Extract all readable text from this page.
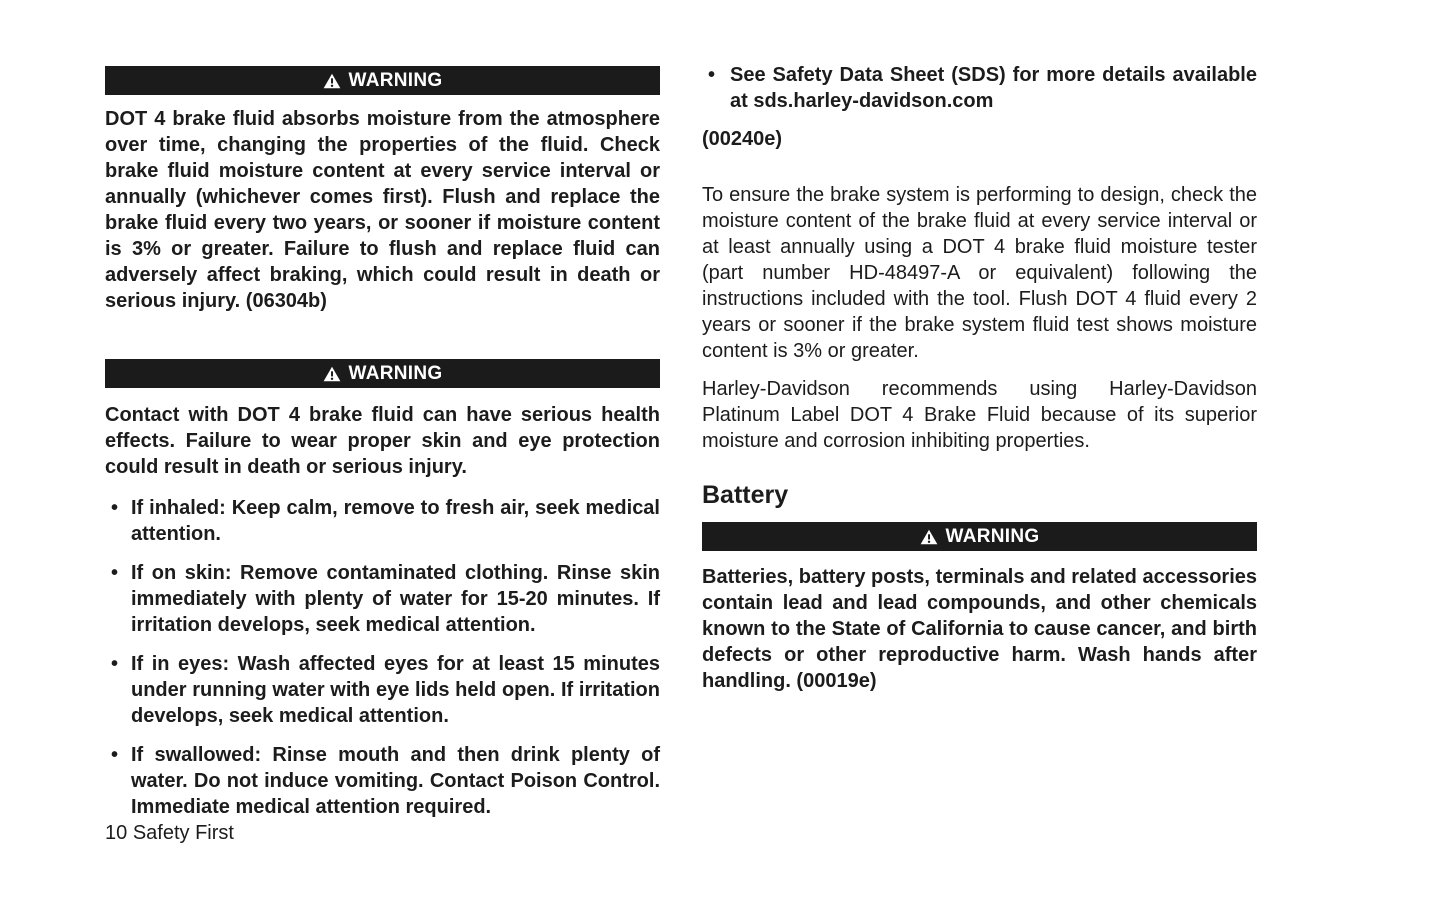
WARNING
DOT 4 brake fluid absorbs moisture from the atmosphere over time, changing the properties of the fluid. Check brake fluid moisture content at every service interval or annually (whichever comes first). Flush and replace the brake fluid every two years, or sooner if moisture content is 3% or greater. Failure to flush and replace fluid can adversely affect braking, which could result in death or serious injury. (06304b)
WARNING
Contact with DOT 4 brake fluid can have serious health effects. Failure to wear proper skin and eye protection could result in death or serious injury.
•
If inhaled: Keep calm, remove to fresh air, seek medical attention.
•
If on skin: Remove contaminated clothing. Rinse skin immediately with plenty of water for 15-20 minutes. If irritation develops, seek medical attention.
•
If in eyes: Wash affected eyes for at least 15 minutes under running water with eye lids held open. If irritation develops, seek medical attention.
•
If swallowed: Rinse mouth and then drink plenty of water. Do not induce vomiting. Contact Poison Control. Immediate medical attention required.
•
See Safety Data Sheet (SDS) for more details available at sds.harley-davidson.com
(00240e)
To ensure the brake system is performing to design, check the moisture content of the brake fluid at every service interval or at least annually using a DOT 4 brake fluid moisture tester (part number HD-48497-A or equivalent) following the instructions included with the tool. Flush DOT 4 fluid every 2 years or sooner if the brake system fluid test shows moisture content is 3% or greater.
Harley-Davidson recommends using Harley-Davidson Platinum Label DOT 4 Brake Fluid because of its superior moisture and corrosion inhibiting properties.
Battery
WARNING
Batteries, battery posts, terminals and related accessories contain lead and lead compounds, and other chemicals known to the State of California to cause cancer, and birth defects or other reproductive harm. Wash hands after handling. (00019e)
10 Safety First
